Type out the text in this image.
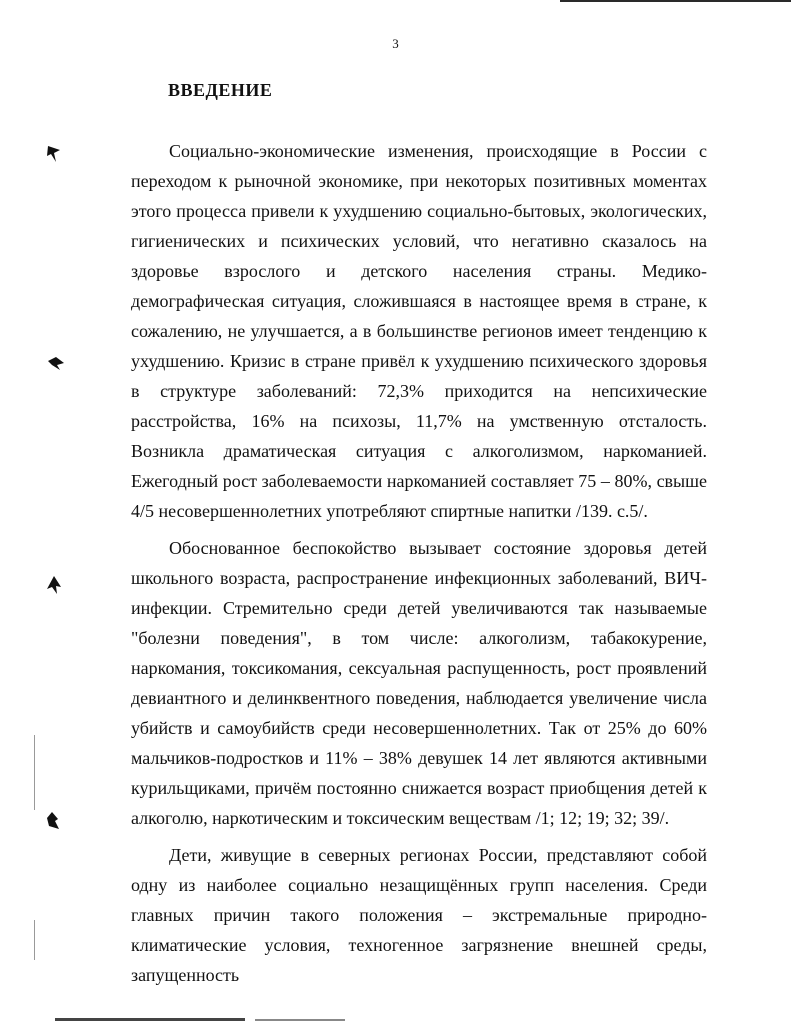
3
ВВЕДЕНИЕ

Социально-экономические изменения, происходящие в России с переходом к рыночной экономике, при некоторых позитивных моментах этого процесса привели к ухудшению социально-бытовых, экологических, гигиенических и психических условий, что негативно сказалось на здоровье взрослого и детского населения страны. Медико-демографическая ситуация, сложившаяся в настоящее время в стране, к сожалению, не улучшается, а в большинстве регионов имеет тенденцию к ухудшению. Кризис в стране привёл к ухудшению психического здоровья в структуре заболеваний: 72,3% приходится на непсихические расстройства, 16% на психозы, 11,7% на умственную отсталость. Возникла драматическая ситуация с алкоголизмом, наркоманией. Ежегодный рост заболеваемости наркоманией составляет 75 – 80%, свыше 4/5 несовершеннолетних употребляют спиртные напитки /139. с.5/.

Обоснованное беспокойство вызывает состояние здоровья детей школьного возраста, распространение инфекционных заболеваний, ВИЧ-инфекции. Стремительно среди детей увеличиваются так называемые "болезни поведения", в том числе: алкоголизм, табакокурение, наркомания, токсикомания, сексуальная распущенность, рост проявлений девиантного и делинквентного поведения, наблюдается увеличение числа убийств и самоубийств среди несовершеннолетних. Так от 25% до 60% мальчиков-подростков и 11% – 38% девушек 14 лет являются активными курильщиками, причём постоянно снижается возраст приобщения детей к алкоголю, наркотическим и токсическим веществам /1; 12; 19; 32; 39/.

Дети, живущие в северных регионах России, представляют собой одну из наиболее социально незащищённых групп населения. Среди главных причин такого положения – экстремальные природно-климатические условия, техногенное загрязнение внешней среды, запущенность
